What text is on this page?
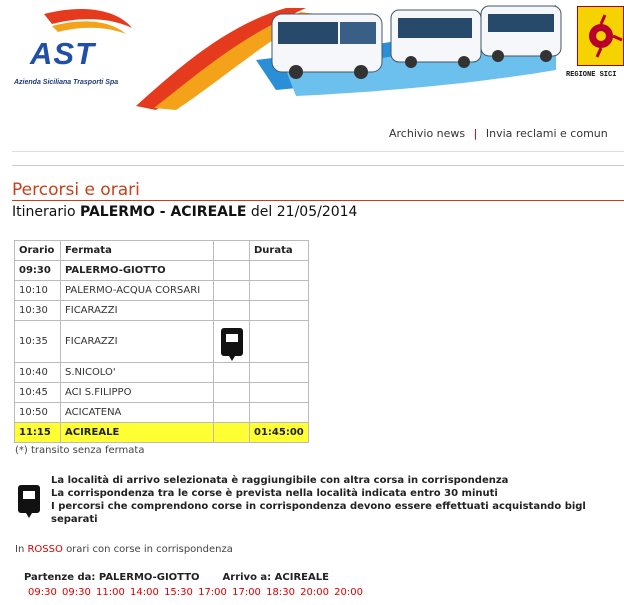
AST
Azienda Siciliana Trasporti Spa
REGIONE SICI
Archivio news | Invia reclami e comun
Percorsi e orari
Itinerario PALERMO - ACIREALE del 21/05/2014
Orario	Fermata		Durata
09:30	PALERMO-GIOTTO		
10:10	PALERMO-ACQUA CORSARI		
10:30	FICARAZZI		
10:35	FICARAZZI		
10:40	S.NICOLO'		
10:45	ACI S.FILIPPO		
10:50	ACICATENA		
11:15	ACIREALE		01:45:00
(*) transito senza fermata
La località di arrivo selezionata è raggiungibile con altra corsa in corrispondenza
La corrispondenza tra le corse è prevista nella località indicata entro 30 minuti
I percorsi che comprendono corse in corrispondenza devono essere effettuati acquistando bigl separati
In ROSSO orari con corse in corrispondenza
Partenze da: PALERMO-GIOTTO Arrivo a: ACIREALE
09:30 09:30 11:00 14:00 15:30 17:00 17:00 18:30 20:00 20:00
